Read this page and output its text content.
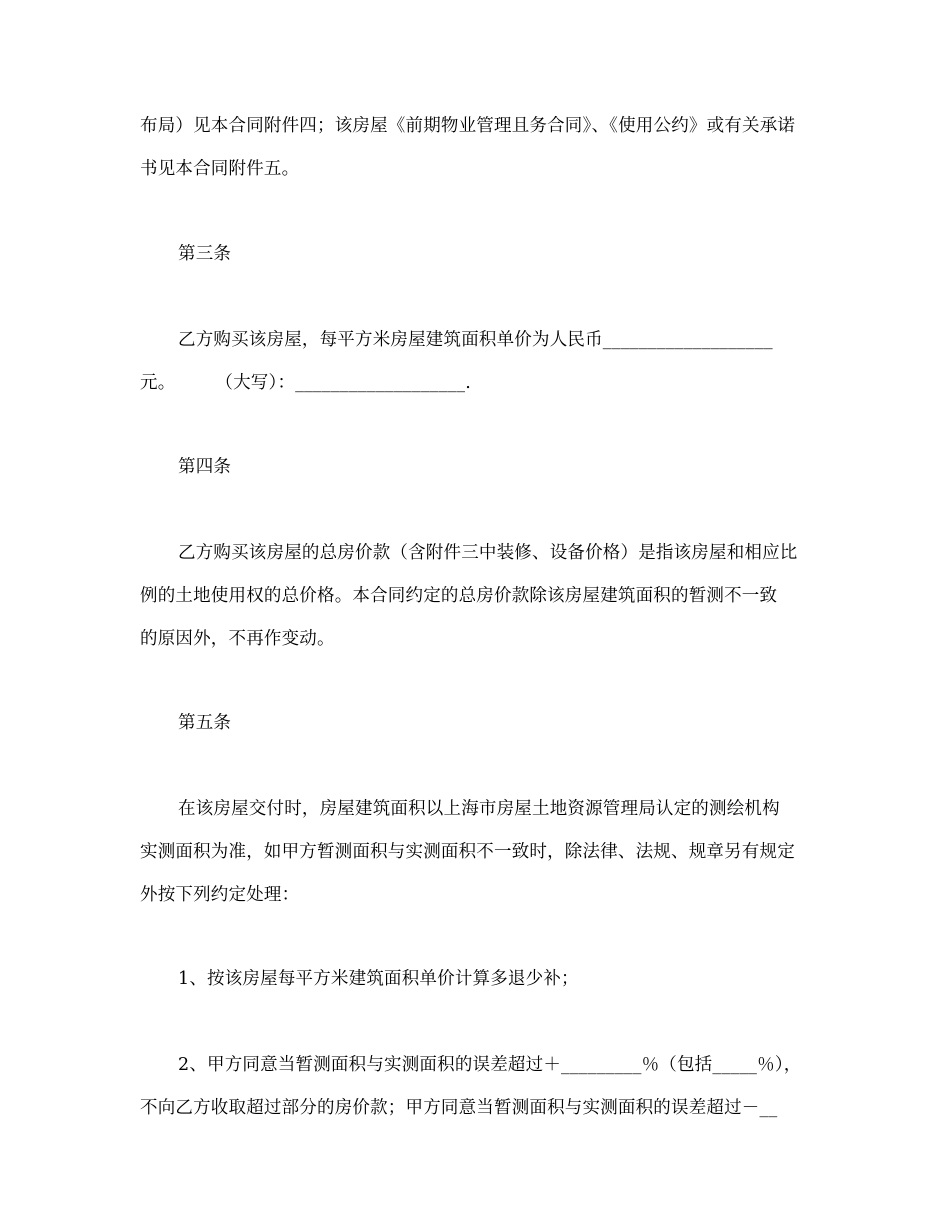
布局）见本合同附件四；该房屋《前期物业管理且务合同》、《使用公约》或有关承诺
书见本合同附件五。
第三条
乙方购买该房屋，每平方米房屋建筑面积单价为人民币___________________
元。 （大写）：___________________.
第四条
乙方购买该房屋的总房价款（含附件三中装修、设备价格）是指该房屋和相应比
例的土地使用权的总价格。本合同约定的总房价款除该房屋建筑面积的暂测不一致
的原因外，不再作变动。
第五条
在该房屋交付时，房屋建筑面积以上海市房屋土地资源管理局认定的测绘机构
实测面积为准，如甲方暂测面积与实测面积不一致时，除法律、法规、规章另有规定
外按下列约定处理：
1、按该房屋每平方米建筑面积单价计算多退少补；
2、甲方同意当暂测面积与实测面积的误差超过＋_________％（包括_____％），
不向乙方收取超过部分的房价款；甲方同意当暂测面积与实测面积的误差超过－__
